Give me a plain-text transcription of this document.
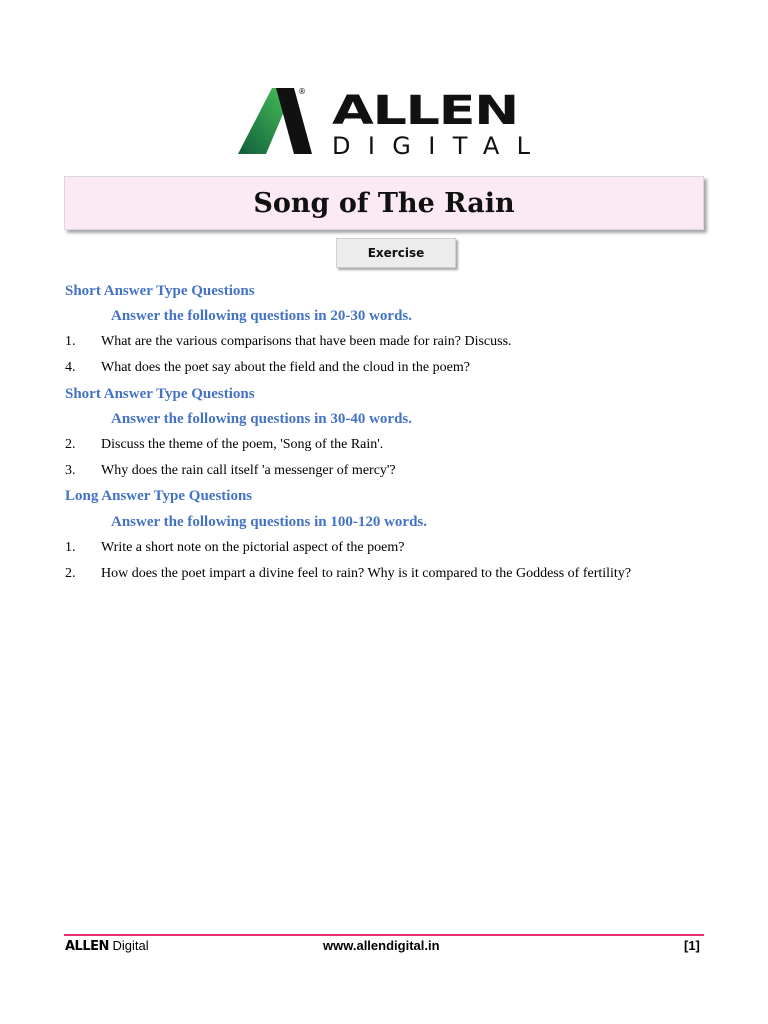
® ALLEN
DIGITAL
Song of The Rain
Exercise
Short Answer Type Questions
Answer the following questions in 20-30 words.
1. What are the various comparisons that have been made for rain? Discuss.
4. What does the poet say about the field and the cloud in the poem?
Short Answer Type Questions
Answer the following questions in 30-40 words.
2. Discuss the theme of the poem, 'Song of the Rain'.
3. Why does the rain call itself 'a messenger of mercy'?
Long Answer Type Questions
Answer the following questions in 100-120 words.
1. Write a short note on the pictorial aspect of the poem?
2. How does the poet impart a divine feel to rain? Why is it compared to the Goddess of fertility?
ALLEN Digital	www.allendigital.in	[1]
